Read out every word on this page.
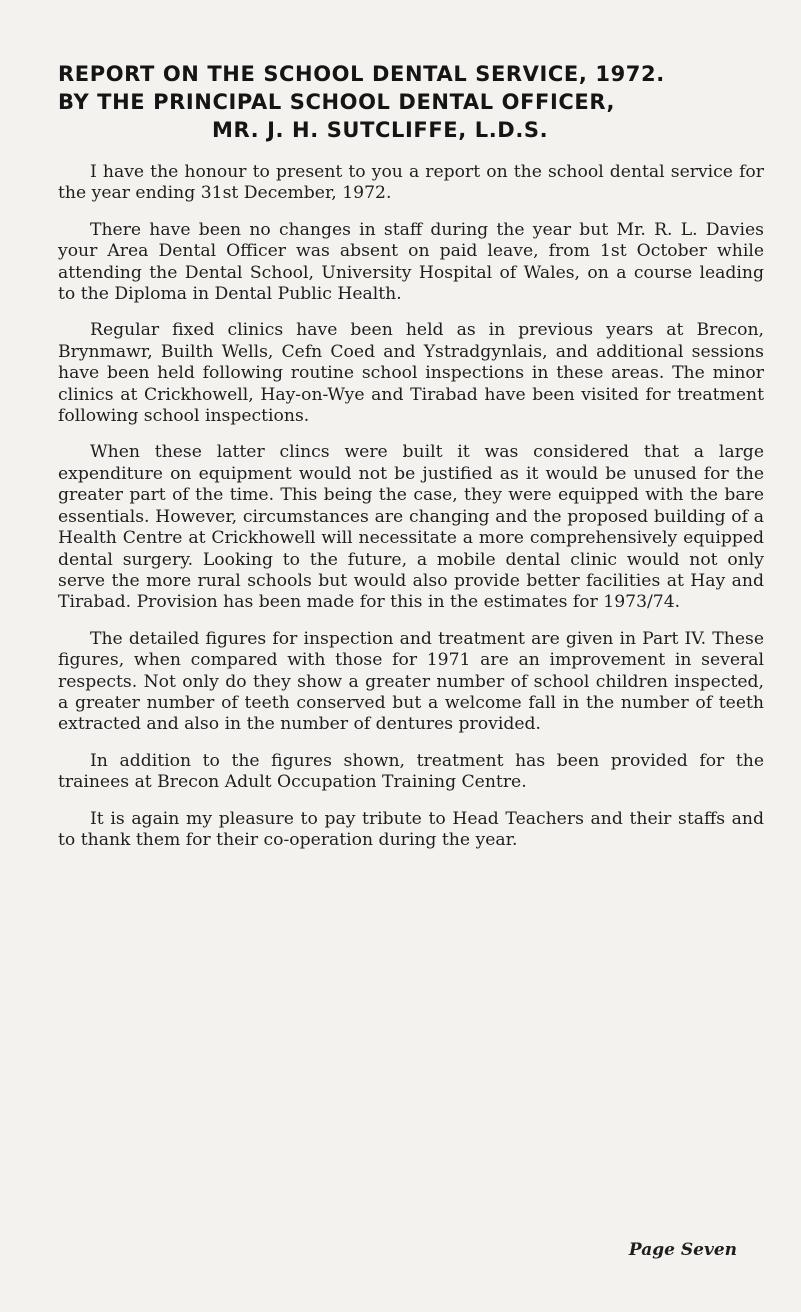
REPORT ON THE SCHOOL DENTAL SERVICE, 1972.
BY THE PRINCIPAL SCHOOL DENTAL OFFICER,
MR. J. H. SUTCLIFFE, L.D.S.

I have the honour to present to you a report on the school dental service for the year ending 31st December, 1972.

There have been no changes in staff during the year but Mr. R. L. Davies your Area Dental Officer was absent on paid leave, from 1st October while attending the Dental School, University Hospital of Wales, on a course leading to the Diploma in Dental Public Health.

Regular fixed clinics have been held as in previous years at Brecon, Brynmawr, Builth Wells, Cefn Coed and Ystradgynlais, and additional sessions have been held following routine school inspections in these areas. The minor clinics at Crickhowell, Hay-on-Wye and Tirabad have been visited for treatment following school inspections.

When these latter clincs were built it was considered that a large expenditure on equipment would not be justified as it would be unused for the greater part of the time. This being the case, they were equipped with the bare essentials. However, circumstances are changing and the proposed building of a Health Centre at Crickhowell will necessitate a more comprehensively equipped dental surgery. Looking to the future, a mobile dental clinic would not only serve the more rural schools but would also provide better facilities at Hay and Tirabad. Provision has been made for this in the estimates for 1973/74.

The detailed figures for inspection and treatment are given in Part IV. These figures, when compared with those for 1971 are an improvement in several respects. Not only do they show a greater number of school children inspected, a greater number of teeth conserved but a welcome fall in the number of teeth extracted and also in the number of dentures provided.

In addition to the figures shown, treatment has been provided for the trainees at Brecon Adult Occupation Training Centre.

It is again my pleasure to pay tribute to Head Teachers and their staffs and to thank them for their co-operation during the year.

Page Seven
